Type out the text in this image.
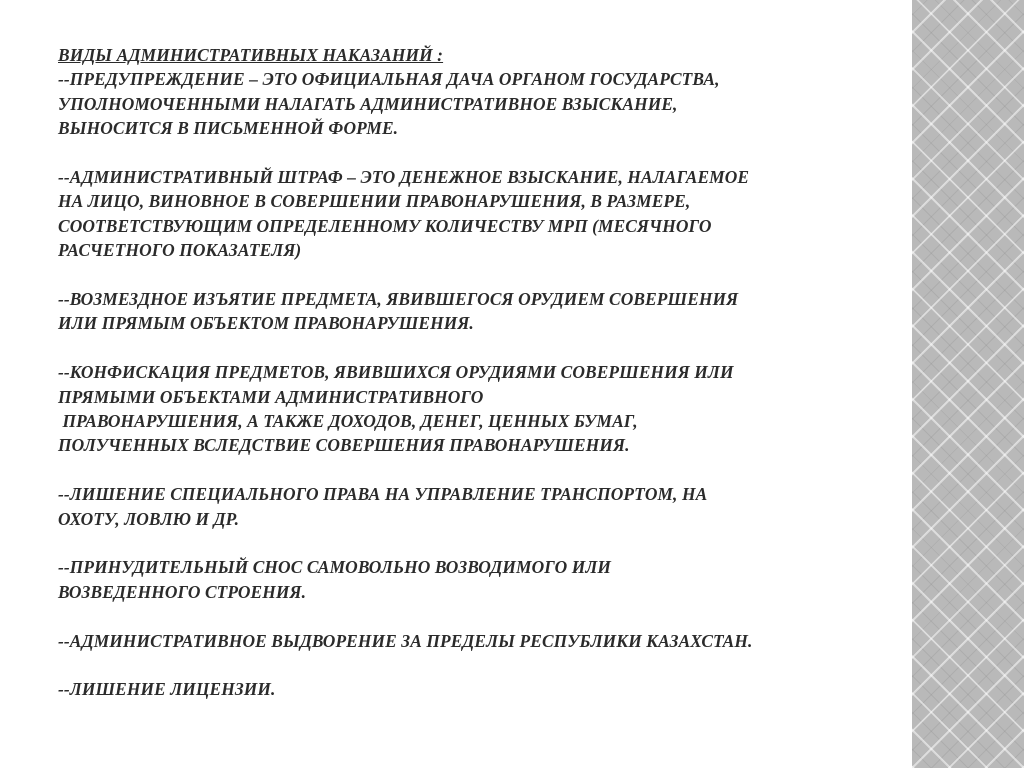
ВИДЫ АДМИНИСТРАТИВНЫХ НАКАЗАНИЙ :
--ПРЕДУПРЕЖДЕНИЕ – ЭТО ОФИЦИАЛЬНАЯ ДАЧА ОРГАНОМ ГОСУДАРСТВА,
УПОЛНОМОЧЕННЫМИ НАЛАГАТЬ АДМИНИСТРАТИВНОЕ ВЗЫСКАНИЕ,
ВЫНОСИТСЯ В ПИСЬМЕННОЙ ФОРМЕ.
--АДМИНИСТРАТИВНЫЙ ШТРАФ – ЭТО ДЕНЕЖНОЕ ВЗЫСКАНИЕ, НАЛАГАЕМОЕ
НА ЛИЦО, ВИНОВНОЕ В СОВЕРШЕНИИ ПРАВОНАРУШЕНИЯ, В РАЗМЕРЕ,
СООТВЕТСТВУЮЩИМ ОПРЕДЕЛЕННОМУ КОЛИЧЕСТВУ МРП (МЕСЯЧНОГО
РАСЧЕТНОГО ПОКАЗАТЕЛЯ)
--ВОЗМЕЗДНОЕ ИЗЪЯТИЕ ПРЕДМЕТА, ЯВИВШЕГОСЯ ОРУДИЕМ СОВЕРШЕНИЯ
ИЛИ ПРЯМЫМ ОБЪЕКТОМ ПРАВОНАРУШЕНИЯ.
--КОНФИСКАЦИЯ ПРЕДМЕТОВ, ЯВИВШИХСЯ ОРУДИЯМИ СОВЕРШЕНИЯ ИЛИ
ПРЯМЫМИ ОБЪЕКТАМИ АДМИНИСТРАТИВНОГО
ПРАВОНАРУШЕНИЯ, А ТАКЖЕ ДОХОДОВ, ДЕНЕГ, ЦЕННЫХ БУМАГ,
ПОЛУЧЕННЫХ ВСЛЕДСТВИЕ СОВЕРШЕНИЯ ПРАВОНАРУШЕНИЯ.
--ЛИШЕНИЕ СПЕЦИАЛЬНОГО ПРАВА НА УПРАВЛЕНИЕ ТРАНСПОРТОМ, НА
ОХОТУ, ЛОВЛЮ И ДР.
--ПРИНУДИТЕЛЬНЫЙ СНОС САМОВОЛЬНО ВОЗВОДИМОГО ИЛИ
ВОЗВЕДЕННОГО СТРОЕНИЯ.
--АДМИНИСТРАТИВНОЕ ВЫДВОРЕНИЕ ЗА ПРЕДЕЛЫ РЕСПУБЛИКИ КАЗАХСТАН.
--ЛИШЕНИЕ ЛИЦЕНЗИИ.
